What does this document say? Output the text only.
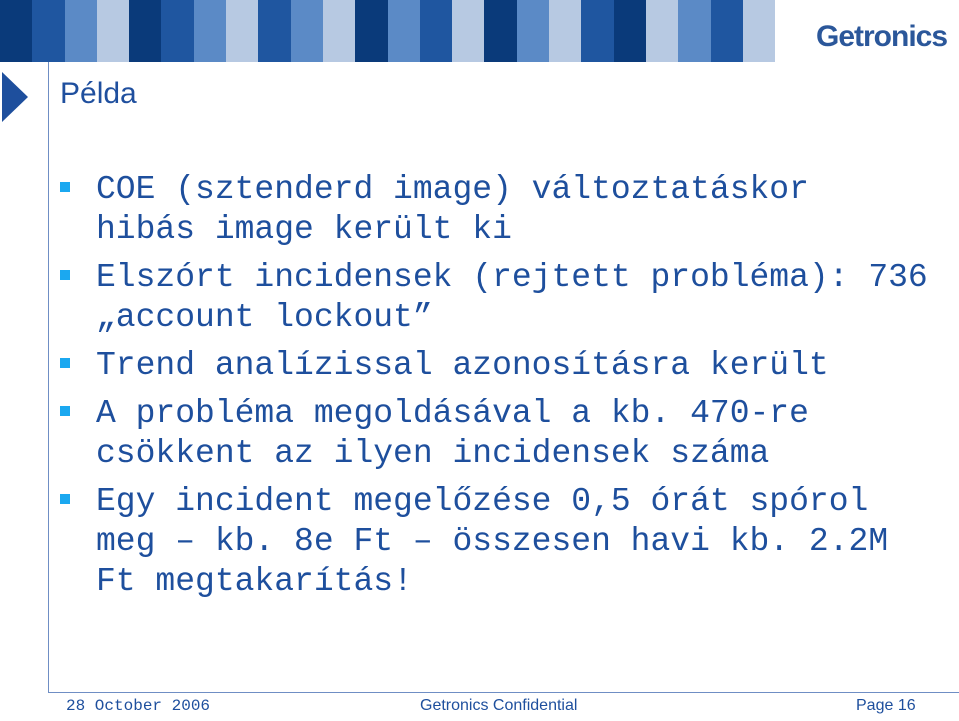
Getronics
Példa
COE (sztenderd image) változtatáskor
hibás image került ki
Elszórt incidensek (rejtett probléma): 736
„account lockout”
Trend analízissal azonosításra került
A probléma megoldásával a kb. 470-re
csökkent az ilyen incidensek száma
Egy incident megelőzése 0,5 órát spórol
meg – kb. 8e Ft – összesen havi kb. 2.2M
Ft megtakarítás!
28 October 2006	Getronics Confidential	Page 16
